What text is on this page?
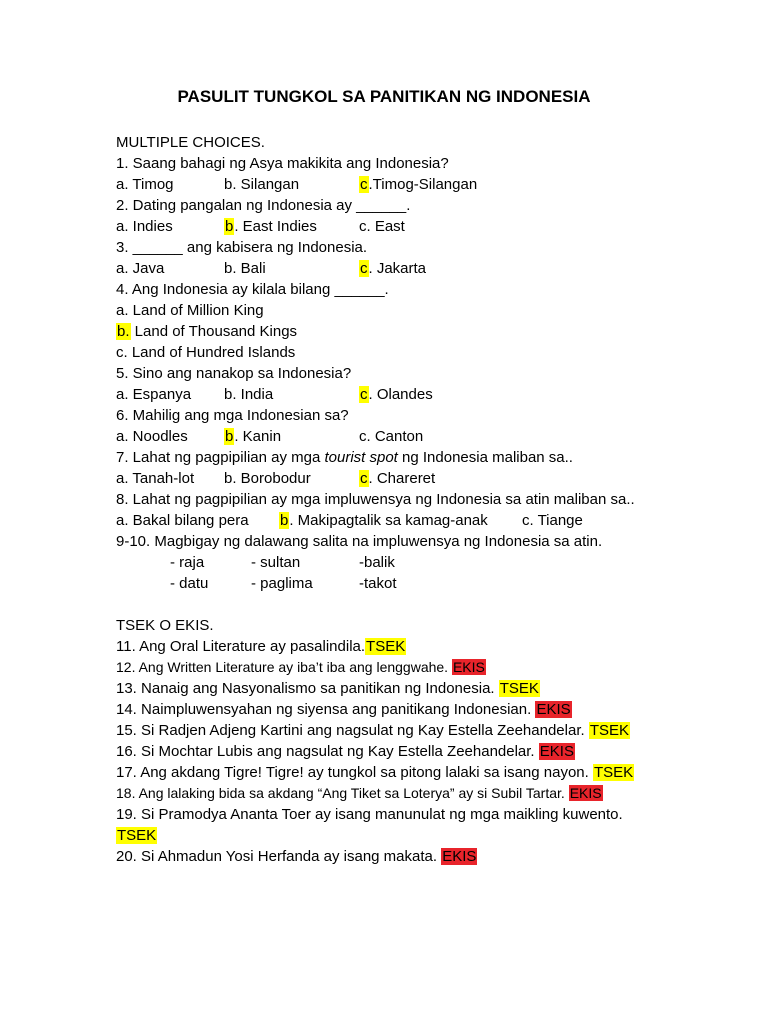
PASULIT TUNGKOL SA PANITIKAN NG INDONESIA
MULTIPLE CHOICES.
1. Saang bahagi ng Asya makikita ang Indonesia?
a. Timog	b. Silangan	c.Timog-Silangan
2. Dating pangalan ng Indonesia ay ______.
a. Indies	b. East Indies	c. East
3. ______ ang kabisera ng Indonesia.
a. Java	b. Bali	c. Jakarta
4. Ang Indonesia ay kilala bilang ______.
a. Land of Million King
b. Land of Thousand Kings
c. Land of Hundred Islands
5. Sino ang nanakop sa Indonesia?
a. Espanya b. India	c. Olandes
6. Mahilig ang mga Indonesian sa?
a. Noodles b. Kanin	c. Canton
7. Lahat ng pagpipilian ay mga tourist spot ng Indonesia maliban sa..
a. Tanah-lot b. Borobodur	c. Chareret
8. Lahat ng pagpipilian ay mga impluwensya ng Indonesia sa atin maliban sa..
a. Bakal bilang pera b. Makipagtalik sa kamag-anak c. Tiange
9-10. Magbigay ng dalawang salita na impluwensya ng Indonesia sa atin.
- raja	- sultan	-balik
- datu	- paglima	-takot
TSEK O EKIS.
11. Ang Oral Literature ay pasalindila.TSEK
12. Ang Written Literature ay iba’t iba ang lenggwahe. EKIS
13. Nanaig ang Nasyonalismo sa panitikan ng Indonesia. TSEK
14. Naimpluwensyahan ng siyensa ang panitikang Indonesian. EKIS
15. Si Radjen Adjeng Kartini ang nagsulat ng Kay Estella Zeehandelar. TSEK
16. Si Mochtar Lubis ang nagsulat ng Kay Estella Zeehandelar. EKIS
17. Ang akdang Tigre! Tigre! ay tungkol sa pitong lalaki sa isang nayon. TSEK
18. Ang lalaking bida sa akdang “Ang Tiket sa Loterya” ay si Subil Tartar. EKIS
19. Si Pramodya Ananta Toer ay isang manunulat ng mga maikling kuwento.
TSEK
20. Si Ahmadun Yosi Herfanda ay isang makata. EKIS
